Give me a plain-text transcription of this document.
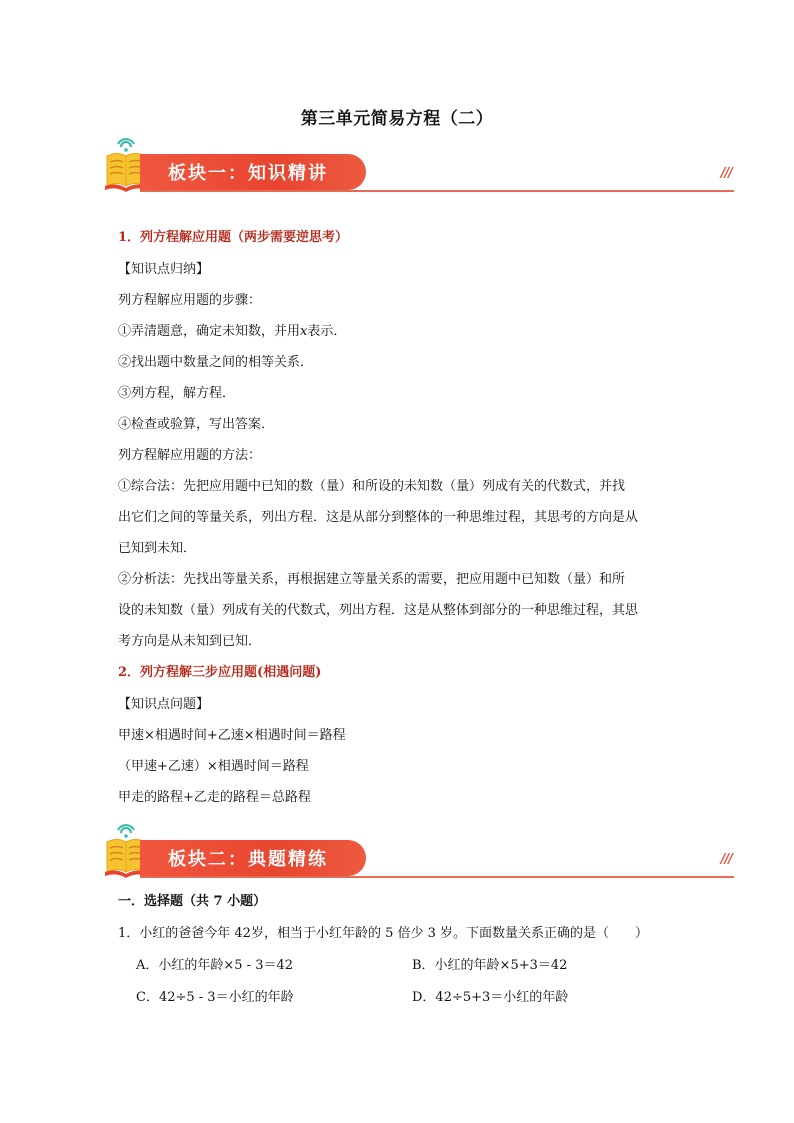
第三单元简易方程（二）
板块一：知识精讲	///
1．列方程解应用题（两步需要逆思考）
【知识点归纳】
列方程解应用题的步骤：
①弄清题意，确定未知数，并用x表示．
②找出题中数量之间的相等关系．
③列方程，解方程．
④检查或验算，写出答案．
列方程解应用题的方法：
①综合法：先把应用题中已知的数（量）和所设的未知数（量）列成有关的代数式，并找
出它们之间的等量关系，列出方程．这是从部分到整体的一种思维过程，其思考的方向是从
已知到未知．
②分析法：先找出等量关系，再根据建立等量关系的需要，把应用题中已知数（量）和所
设的未知数（量）列成有关的代数式，列出方程．这是从整体到部分的一种思维过程，其思
考方向是从未知到已知．
2．列方程解三步应用题(相遇问题)
【知识点问题】
甲速×相遇时间+乙速×相遇时间＝路程
（甲速+乙速）×相遇时间＝路程
甲走的路程+乙走的路程＝总路程
板块二：典题精练	///
一．选择题（共 7 小题）
1．小红的爸爸今年 42岁，相当于小红年龄的 5 倍少 3 岁。下面数量关系正确的是（　　）
A．小红的年龄×5 - 3＝42	B．小红的年龄×5+3＝42
C．42÷5 - 3＝小红的年龄	D．42÷5+3＝小红的年龄
